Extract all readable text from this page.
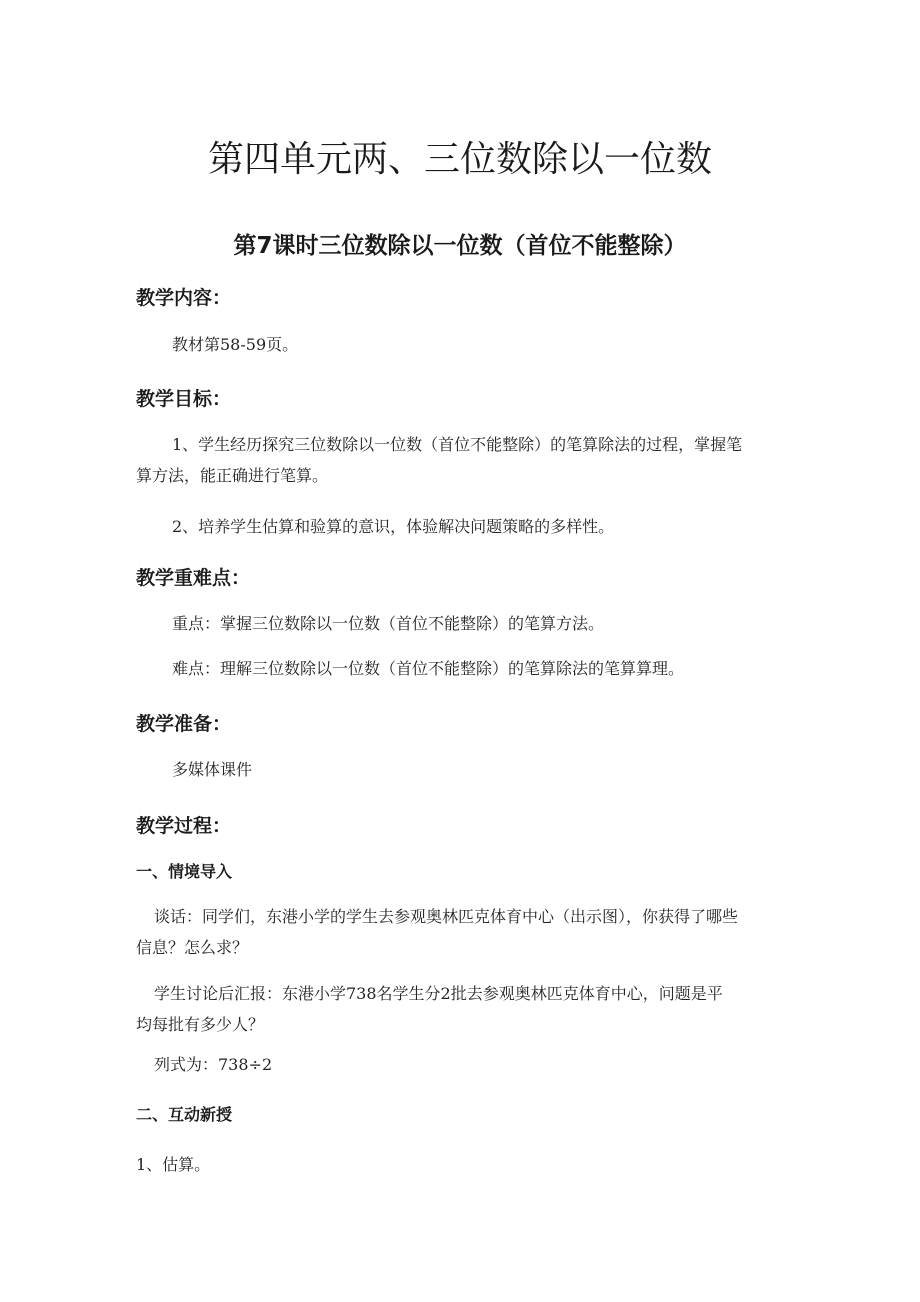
第四单元两、三位数除以一位数
第7课时三位数除以一位数（首位不能整除）
教学内容：
教材第58-59页。
教学目标：
1、学生经历探究三位数除以一位数（首位不能整除）的笔算除法的过程，掌握笔
算方法，能正确进行笔算。
2、培养学生估算和验算的意识，体验解决问题策略的多样性。
教学重难点：
重点：掌握三位数除以一位数（首位不能整除）的笔算方法。
难点：理解三位数除以一位数（首位不能整除）的笔算除法的笔算算理。
教学准备：
多媒体课件
教学过程：
一、情境导入
谈话：同学们，东港小学的学生去参观奥林匹克体育中心（出示图），你获得了哪些
信息？怎么求？
学生讨论后汇报：东港小学738名学生分2批去参观奥林匹克体育中心，问题是平
均每批有多少人？
列式为：738÷2
二、互动新授
1、估算。
